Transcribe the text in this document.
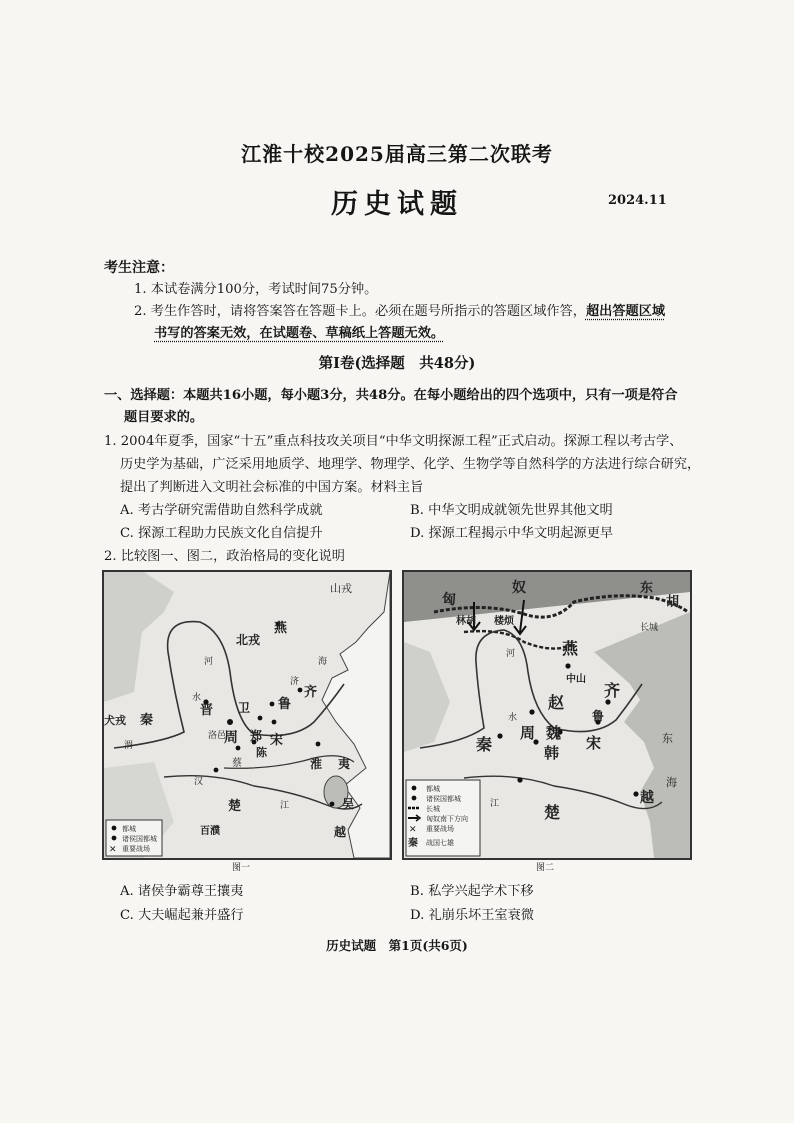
江淮十校2025届高三第二次联考
历史试题	2024.11
考生注意：
1. 本试卷满分100分，考试时间75分钟。
2. 考生作答时，请将答案答在答题卡上。必须在题号所指示的答题区域作答，超出答题区域
书写的答案无效，在试题卷、草稿纸上答题无效。
第Ⅰ卷(选择题　共48分)
一、选择题：本题共16小题，每小题3分，共48分。在每小题给出的四个选项中，只有一项是符合
题目要求的。
1. 2004年夏季，国家“十五”重点科技攻关项目“中华文明探源工程”正式启动。探源工程以考古学、
历史学为基础，广泛采用地质学、地理学、物理学、化学、生物学等自然科学的方法进行综合研究，
提出了判断进入文明社会标准的中国方案。材料主旨
A. 考古学研究需借助自然科学成就	B. 中华文明成就领先世界其他文明
C. 探源工程助力民族文化自信提升	D. 探源工程揭示中华文明起源更早
2. 比较图一、图二，政治格局的变化说明
山戎
燕
北戎
河	海
济
齐
晋 卫 鲁
水
犬戎 秦
洛邑
周 郑 宋
渭	陈
蔡	淮
汉
夷
楚	江	吴
越
百濮
✕
都城
诸侯国都城
重要战场
图一
匈
奴
林胡 楼烦
东
胡
长城
燕
中山
赵
齐
鲁
魏
周
秦	韩
宋
楚
越
东
海
河
水
江
✕
秦
都城
诸侯国都城
长城
匈奴南下方向
重要战场
战国七雄
图二
A. 诸侯争霸尊王攘夷	B. 私学兴起学术下移
C. 大夫崛起兼并盛行	D. 礼崩乐坏王室衰微
历史试题　第1页(共6页)
